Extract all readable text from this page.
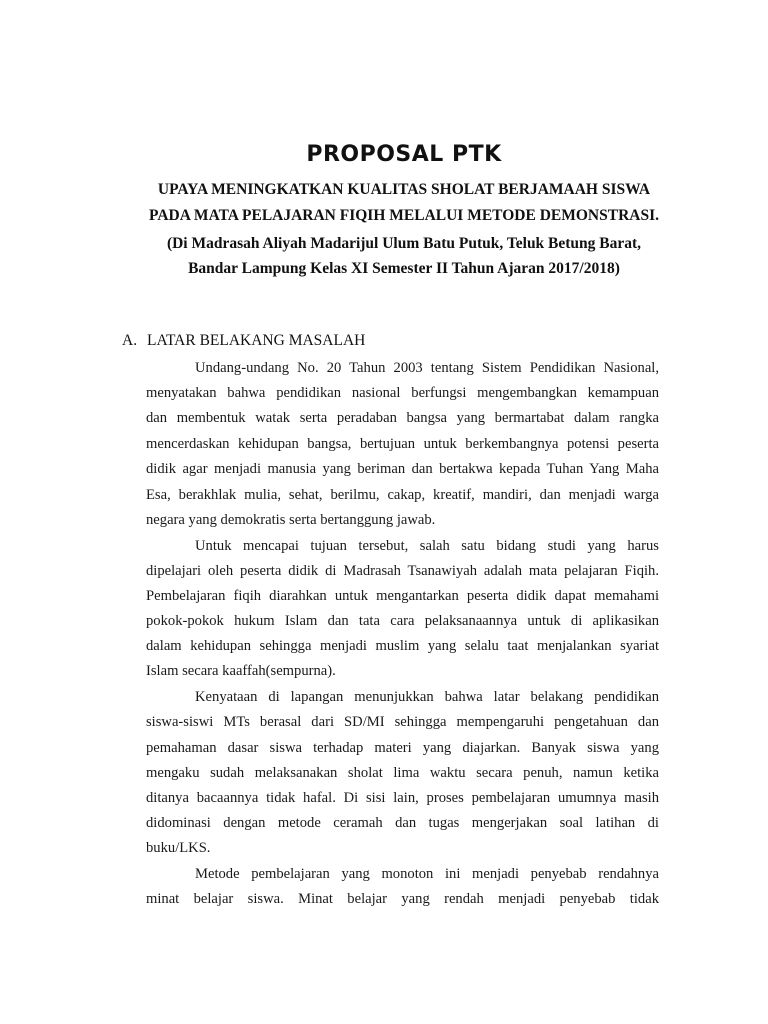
PROPOSAL PTK
UPAYA MENINGKATKAN KUALITAS SHOLAT BERJAMAAH SISWA
PADA MATA PELAJARAN FIQIH MELALUI METODE DEMONSTRASI.
(Di Madrasah Aliyah Madarijul Ulum Batu Putuk, Teluk Betung Barat,
Bandar Lampung Kelas XI Semester II Tahun Ajaran 2017/2018)
A. LATAR BELAKANG MASALAH
Undang-undang No. 20 Tahun 2003 tentang Sistem Pendidikan Nasional,
menyatakan bahwa pendidikan nasional berfungsi mengembangkan kemampuan
dan membentuk watak serta peradaban bangsa yang bermartabat dalam rangka
mencerdaskan kehidupan bangsa, bertujuan untuk berkembangnya potensi peserta
didik agar menjadi manusia yang beriman dan bertakwa kepada Tuhan Yang Maha
Esa, berakhlak mulia, sehat, berilmu, cakap, kreatif, mandiri, dan menjadi warga
negara yang demokratis serta bertanggung jawab.
Untuk mencapai tujuan tersebut, salah satu bidang studi yang harus
dipelajari oleh peserta didik di Madrasah Tsanawiyah adalah mata pelajaran Fiqih.
Pembelajaran fiqih diarahkan untuk mengantarkan peserta didik dapat memahami
pokok-pokok hukum Islam dan tata cara pelaksanaannya untuk di aplikasikan
dalam kehidupan sehingga menjadi muslim yang selalu taat menjalankan syariat
Islam secara kaaffah(sempurna).
Kenyataan di lapangan menunjukkan bahwa latar belakang pendidikan
siswa-siswi MTs berasal dari SD/MI sehingga mempengaruhi pengetahuan dan
pemahaman dasar siswa terhadap materi yang diajarkan. Banyak siswa yang
mengaku sudah melaksanakan sholat lima waktu secara penuh, namun ketika
ditanya bacaannya tidak hafal. Di sisi lain, proses pembelajaran umumnya masih
didominasi dengan metode ceramah dan tugas mengerjakan soal latihan di
buku/LKS.
Metode pembelajaran yang monoton ini menjadi penyebab rendahnya
minat belajar siswa. Minat belajar yang rendah menjadi penyebab tidak
